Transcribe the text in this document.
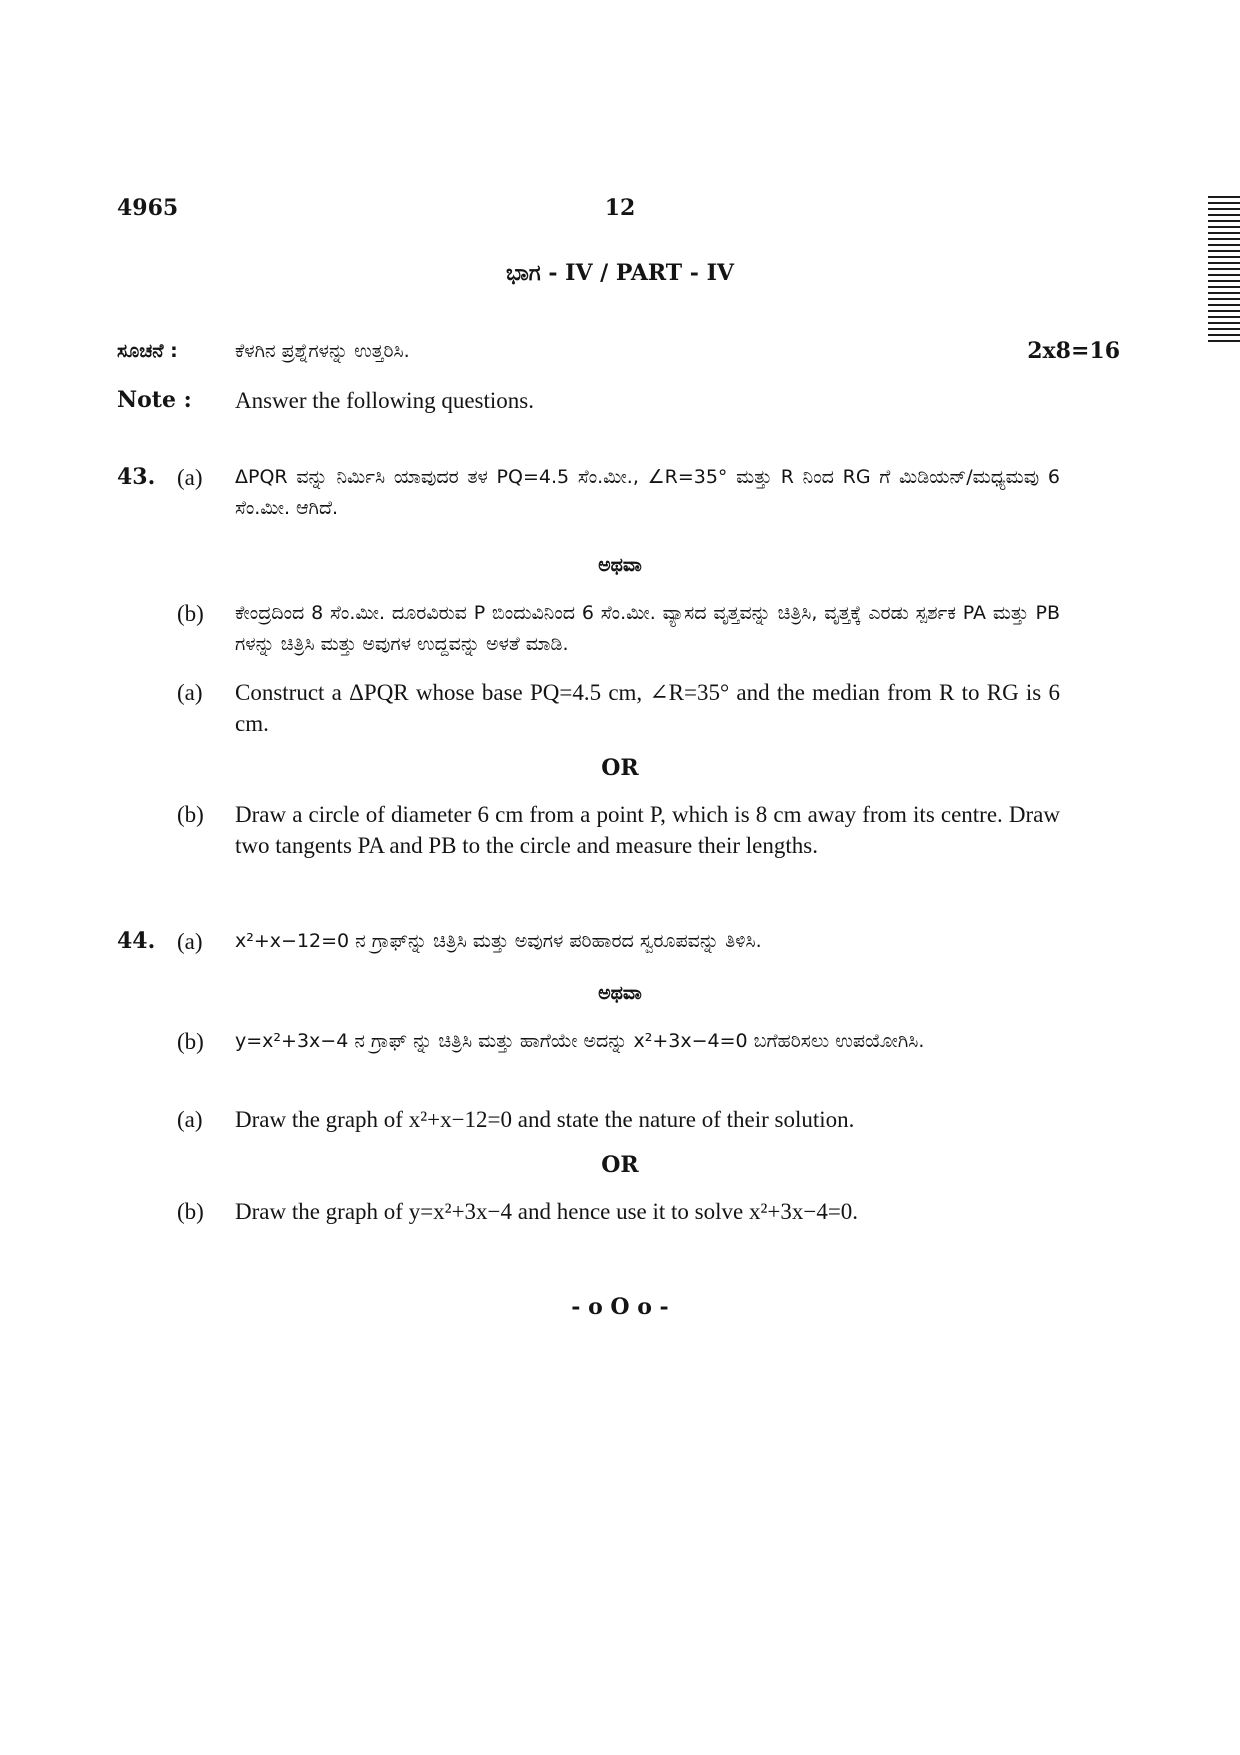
4965	12
ಭಾಗ - IV / PART - IV
ಸೂಚನೆ :	ಕೆಳಗಿನ ಪ್ರಶ್ನೆಗಳನ್ನು ಉತ್ತರಿಸಿ.	2x8=16
Note : Answer the following questions.
43. (a) ΔPQR ವನ್ನು ನಿರ್ಮಿಸಿ ಯಾವುದರ ತಳ PQ=4.5 ಸೆಂ.ಮೀ., ∠R=35° ಮತ್ತು R ನಿಂದ RG ಗೆ ಮಿಡಿಯನ್/ಮಧ್ಯಮವು 6 ಸೆಂ.ಮೀ. ಆಗಿದೆ.
ಅಥವಾ
(b) ಕೇಂದ್ರದಿಂದ 8 ಸೆಂ.ಮೀ. ದೂರವಿರುವ P ಬಿಂದುವಿನಿಂದ 6 ಸೆಂ.ಮೀ. ವ್ಯಾಸದ ವೃತ್ತವನ್ನು ಚಿತ್ರಿಸಿ, ವೃತ್ತಕ್ಕೆ ಎರಡು ಸ್ಪರ್ಶಕ PA ಮತ್ತು PB ಗಳನ್ನು ಚಿತ್ರಿಸಿ ಮತ್ತು ಅವುಗಳ ಉದ್ದವನ್ನು ಅಳತೆ ಮಾಡಿ.
(a) Construct a ΔPQR whose base PQ=4.5 cm, ∠R=35° and the median from R to RG is 6 cm.
OR
(b) Draw a circle of diameter 6 cm from a point P, which is 8 cm away from its centre. Draw two tangents PA and PB to the circle and measure their lengths.
44. (a) x²+x−12=0 ನ ಗ್ರಾಫ್‌ನ್ನು ಚಿತ್ರಿಸಿ ಮತ್ತು ಅವುಗಳ ಪರಿಹಾರದ ಸ್ವರೂಪವನ್ನು ತಿಳಿಸಿ.
ಅಥವಾ
(b) y=x²+3x−4 ನ ಗ್ರಾಫ್ ನ್ನು ಚಿತ್ರಿಸಿ ಮತ್ತು ಹಾಗೆಯೇ ಅದನ್ನು x²+3x−4=0 ಬಗೆಹರಿಸಲು ಉಪಯೋಗಿಸಿ.
(a) Draw the graph of x²+x−12=0 and state the nature of their solution.
OR
(b) Draw the graph of y=x²+3x−4 and hence use it to solve x²+3x−4=0.
- o O o -
